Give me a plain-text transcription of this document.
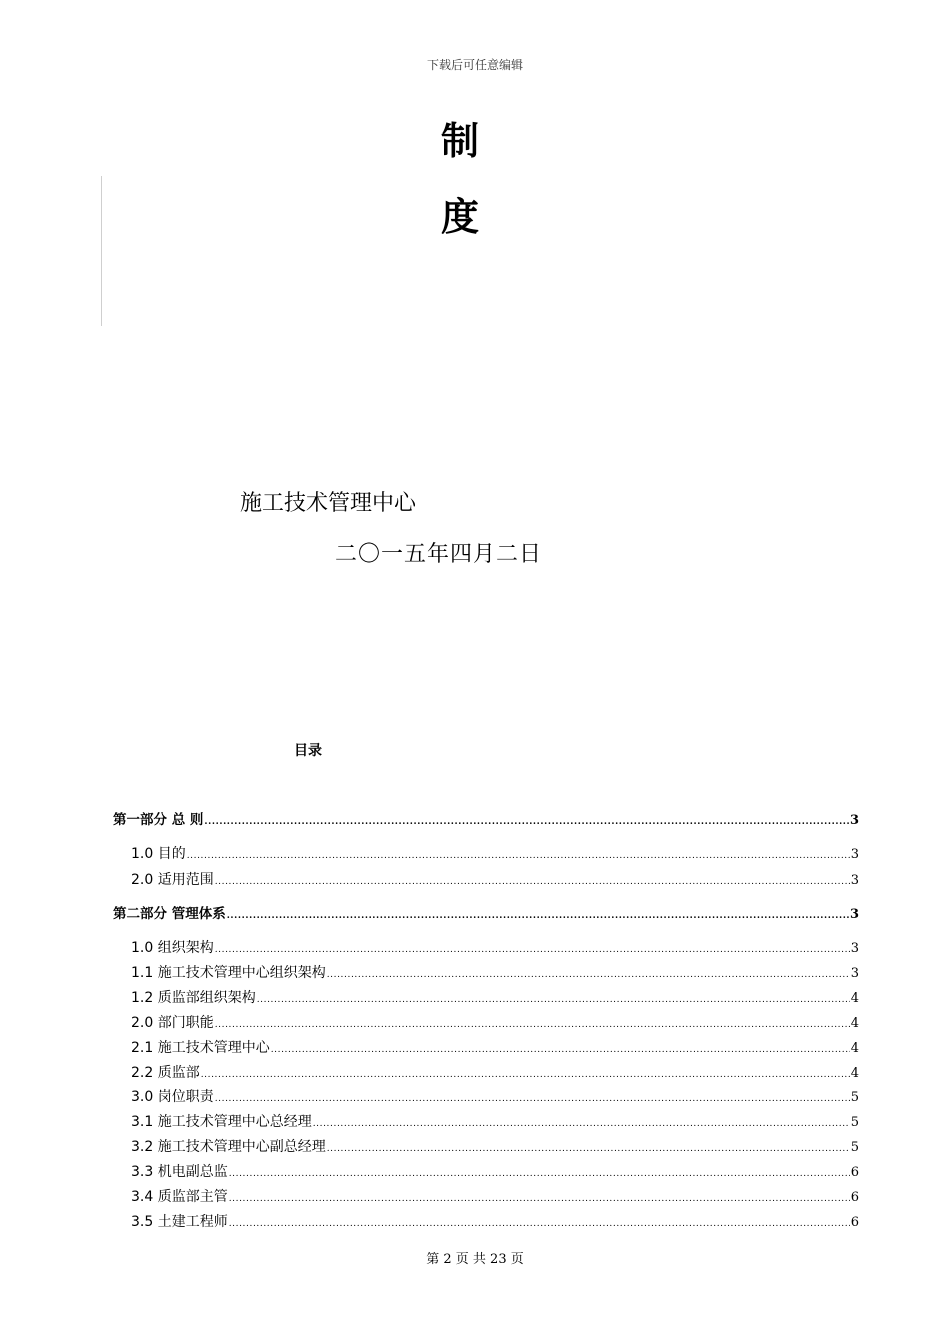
下载后可任意编辑
制
度
施工技术管理中心
二〇一五年四月二日
目录
第一部分 总 则 .....	3
1.0 目的 .....	3
2.0 适用范围 .....	3
第二部分 管理体系 .....	3
1.0 组织架构 .....	3
1.1 施工技术管理中心组织架构 .....	3
1.2 质监部组织架构 .....	4
2.0 部门职能 .....	4
2.1 施工技术管理中心 .....	4
2.2 质监部 .....	4
3.0 岗位职责 .....	5
3.1 施工技术管理中心总经理 .....	5
3.2 施工技术管理中心副总经理 .....	5
3.3 机电副总监 .....	6
3.4 质监部主管 .....	6
3.5 土建工程师 .....	6
第 2 页 共 23 页
